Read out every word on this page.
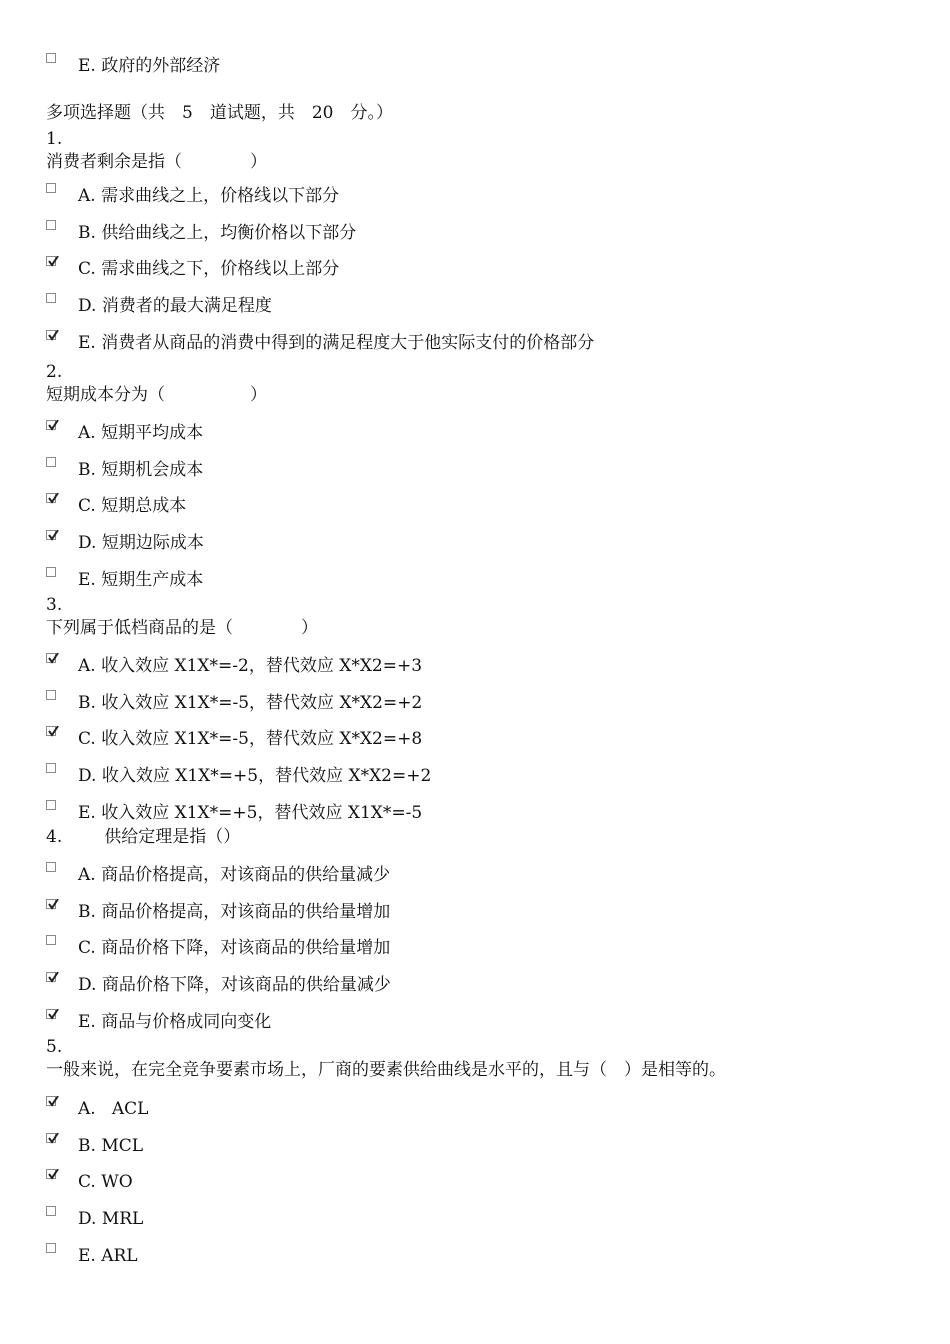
E. 政府的外部经济
多项选择题（共　5　道试题，共　20　分。）
1.
消费者剩余是指（　　　　）
A. 需求曲线之上，价格线以下部分
B. 供给曲线之上，均衡价格以下部分
C. 需求曲线之下，价格线以上部分
D. 消费者的最大满足程度
E. 消费者从商品的消费中得到的满足程度大于他实际支付的价格部分
2.
短期成本分为（　　　　　）
A. 短期平均成本
B. 短期机会成本
C. 短期总成本
D. 短期边际成本
E. 短期生产成本
3.
下列属于低档商品的是（　　　　）
A. 收入效应 X1X*=-2，替代效应 X*X2=+3
B. 收入效应 X1X*=-5，替代效应 X*X2=+2
C. 收入效应 X1X*=-5，替代效应 X*X2=+8
D. 收入效应 X1X*=+5，替代效应 X*X2=+2
E. 收入效应 X1X*=+5，替代效应 X1X*=-5
4. 供给定理是指（）
A. 商品价格提高，对该商品的供给量减少
B. 商品价格提高，对该商品的供给量增加
C. 商品价格下降，对该商品的供给量增加
D. 商品价格下降，对该商品的供给量减少
E. 商品与价格成同向变化
5.
一般来说，在完全竞争要素市场上，厂商的要素供给曲线是水平的，且与（　）是相等的。
A.   ACL
B. MCL
C. WO
D. MRL
E. ARL
